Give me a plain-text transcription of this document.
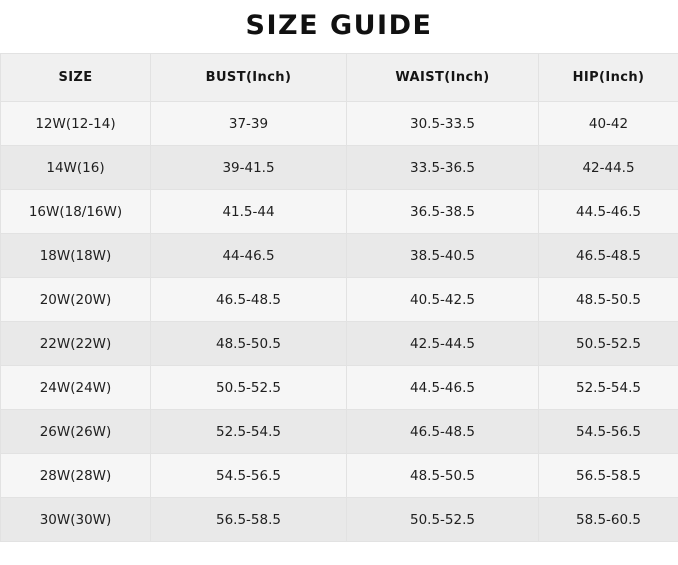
SIZE GUIDE
SIZE	BUST(Inch)	WAIST(Inch)	HIP(Inch)
12W(12-14)	37-39	30.5-33.5	40-42
14W(16)	39-41.5	33.5-36.5	42-44.5
16W(18/16W)	41.5-44	36.5-38.5	44.5-46.5
18W(18W)	44-46.5	38.5-40.5	46.5-48.5
20W(20W)	46.5-48.5	40.5-42.5	48.5-50.5
22W(22W)	48.5-50.5	42.5-44.5	50.5-52.5
24W(24W)	50.5-52.5	44.5-46.5	52.5-54.5
26W(26W)	52.5-54.5	46.5-48.5	54.5-56.5
28W(28W)	54.5-56.5	48.5-50.5	56.5-58.5
30W(30W)	56.5-58.5	50.5-52.5	58.5-60.5
